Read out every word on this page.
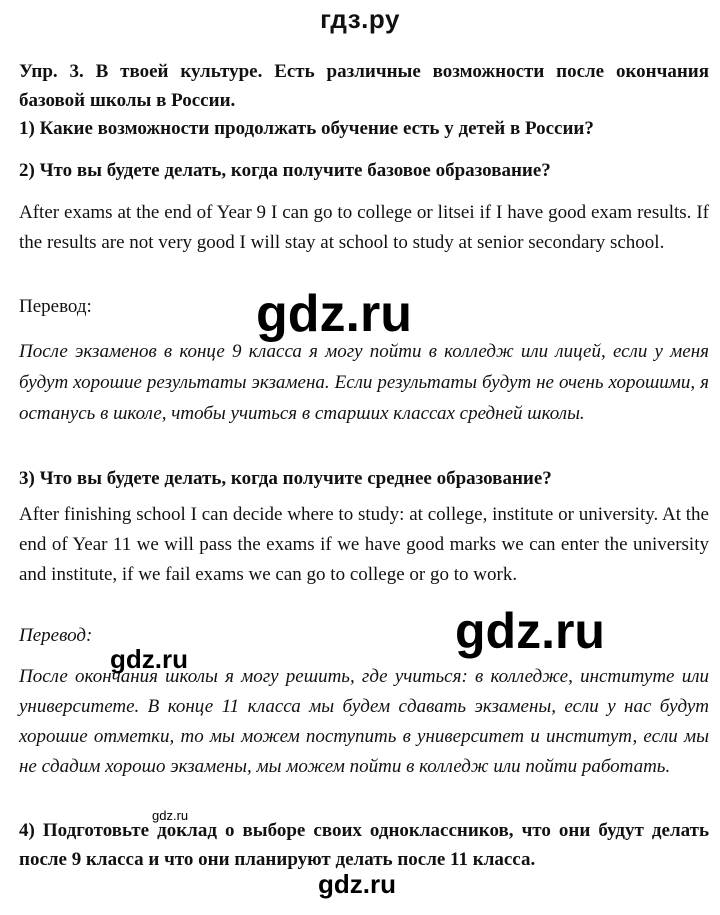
гдз.ру
Упр. 3. В твоей культуре. Есть различные возможности после окончания базовой школы в России.
1) Какие возможности продолжать обучение есть у детей в России?
2) Что вы будете делать, когда получите базовое образование?
After exams at the end of Year 9 I can go to college or litsei if I have good exam results. If the results are not very good I will stay at school to study at senior secondary school.
Перевод:
После экзаменов в конце 9 класса я могу пойти в колледж или лицей, если у меня будут хорошие результаты экзамена. Если результаты будут не очень хорошими, я останусь в школе, чтобы учиться в старших классах средней школы.
3) Что вы будете делать, когда получите среднее образование?
After finishing school I can decide where to study: at college, institute or university. At the end of Year 11 we will pass the exams if we have good marks we can enter the university and institute, if we fail exams we can go to college or go to work.
Перевод:
После окончания школы я могу решить, где учиться: в колледже, институте или университете. В конце 11 класса мы будем сдавать экзамены, если у нас будут хорошие отметки, то мы можем поступить в университет и институт, если мы не сдадим хорошо экзамены, мы можем пойти в колледж или пойти работать.
4) Подготовьте доклад о выборе своих одноклассников, что они будут делать после 9 класса и что они планируют делать после 11 класса.
gdz.ru
gdz.ru
gdz.ru
gdz.ru
gdz.ru
